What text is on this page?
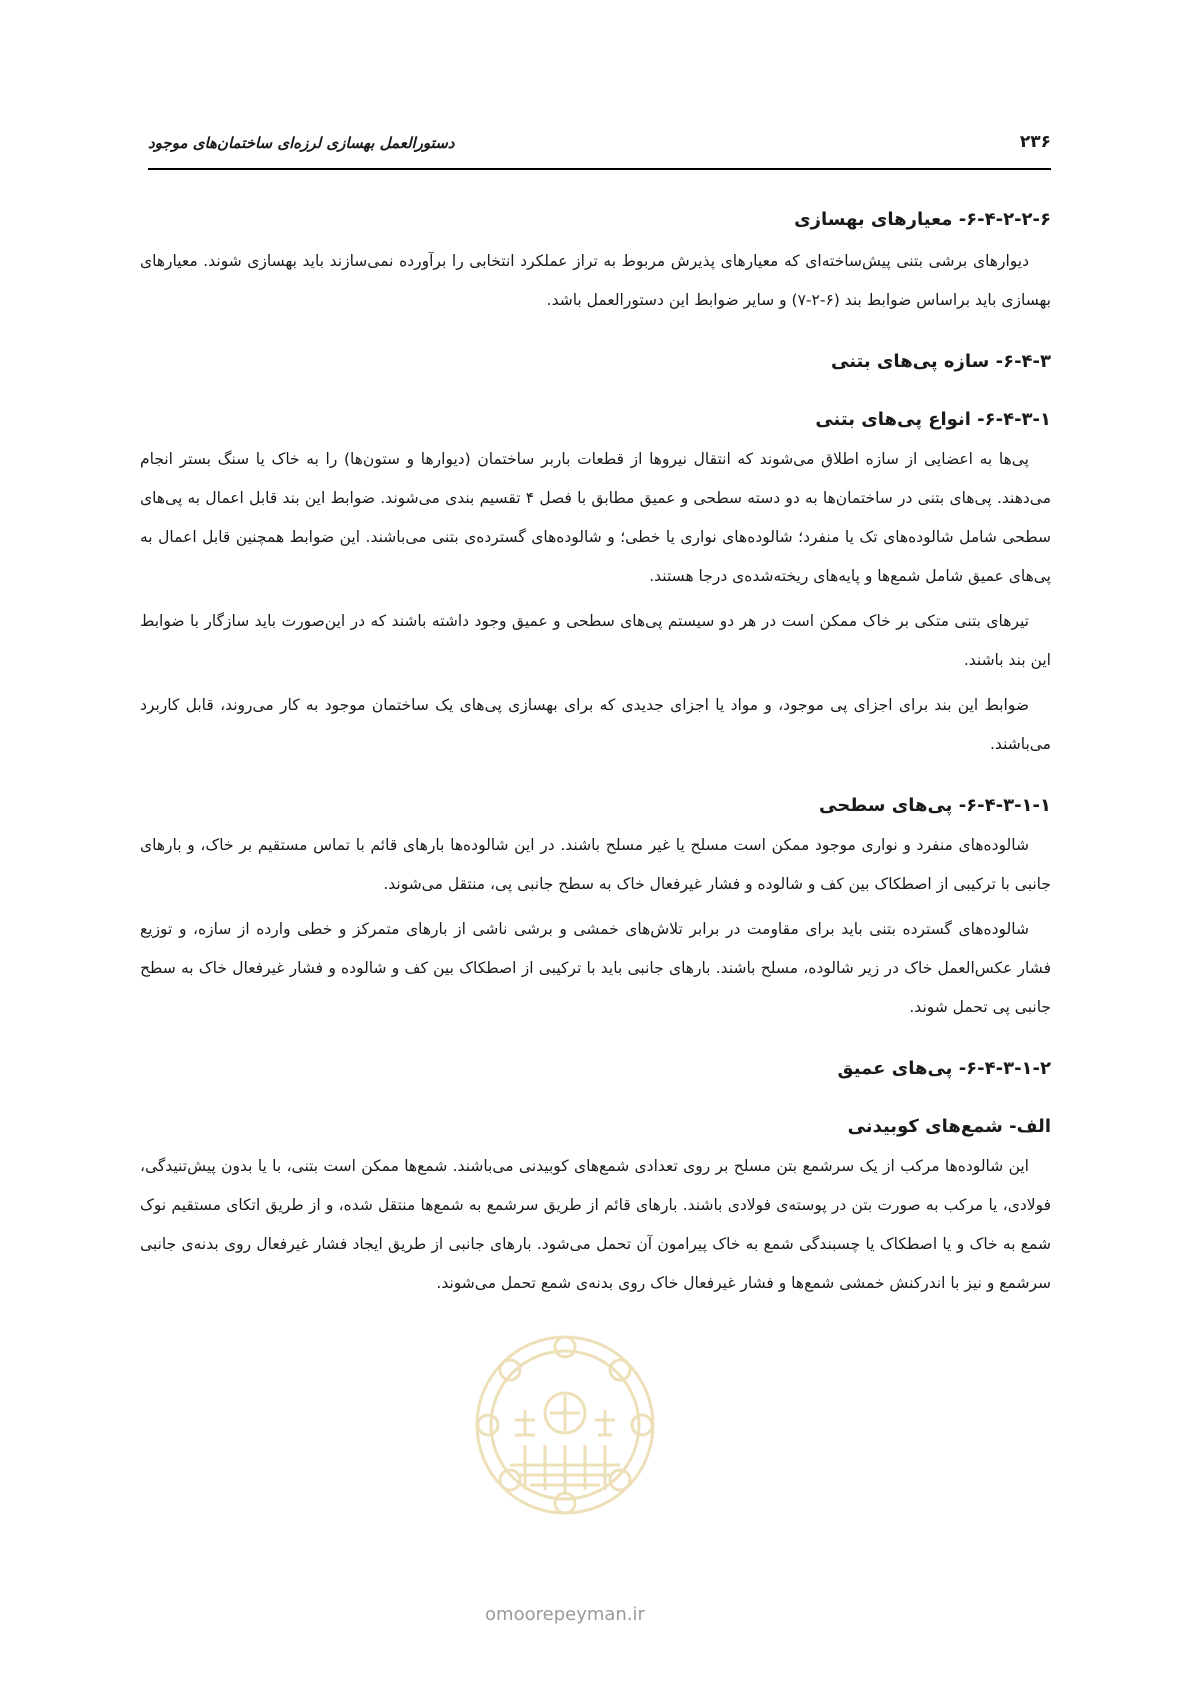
۲۳۶
دستورالعمل بهسازی لرزه‌ای ساختمان‌های موجود
۶-۴-۲-۲-۶- معیارهای بهسازی

دیوارهای برشی بتنی پیش‌ساخته‌ای که معیارهای پذیرش مربوط به تراز عملکرد انتخابی را برآورده نمی‌سازند باید بهسازی شوند. معیارهای بهسازی باید براساس ضوابط بند (۶-۲-۷) و سایر ضوابط این دستورالعمل باشد.

۶-۴-۳- سازه پی‌های بتنی
۶-۴-۳-۱- انواع پی‌های بتنی

پی‌ها به اعضایی از سازه اطلاق می‌شوند که انتقال نیروها از قطعات باربر ساختمان (دیوارها و ستون‌ها) را به خاک یا سنگ بستر انجام می‌دهند. پی‌های بتنی در ساختمان‌ها به دو دسته سطحی و عمیق مطابق با فصل ۴ تقسیم بندی می‌شوند. ضوابط این بند قابل اعمال به پی‌های سطحی شامل شالوده‌های تک یا منفرد؛ شالوده‌های نواری یا خطی؛ و شالوده‌های گسترده‌ی بتنی می‌باشند. این ضوابط همچنین قابل اعمال به پی‌های عمیق شامل شمع‌ها و پایه‌های ریخته‌شده‌ی درجا هستند.

تیرهای بتنی متکی بر خاک ممکن است در هر دو سیستم پی‌های سطحی و عمیق وجود داشته باشند که در این‌صورت باید سازگار با ضوابط این بند باشند.

ضوابط این بند برای اجزای پی موجود، و مواد یا اجزای جدیدی که برای بهسازی پی‌های یک ساختمان موجود به کار می‌روند، قابل کاربرد می‌باشند.

۶-۴-۳-۱-۱- پی‌های سطحی

شالوده‌های منفرد و نواری موجود ممکن است مسلح یا غیر مسلح باشند. در این شالوده‌ها بارهای قائم با تماس مستقیم بر خاک، و بارهای جانبی با ترکیبی از اصطکاک بین کف و شالوده و فشار غیرفعال خاک به سطح جانبی پی، منتقل می‌شوند.

شالوده‌های گسترده بتنی باید برای مقاومت در برابر تلاش‌های خمشی و برشی ناشی از بارهای متمرکز و خطی وارده از سازه، و توزیع فشار عکس‌العمل خاک در زیر شالوده، مسلح باشند. بارهای جانبی باید با ترکیبی از اصطکاک بین کف و شالوده و فشار غیرفعال خاک به سطح جانبی پی تحمل شوند.

۶-۴-۳-۱-۲- پی‌های عمیق
الف- شمع‌های کوبیدنی

این شالوده‌ها مرکب از یک سرشمع بتن مسلح بر روی تعدادی شمع‌های کوبیدنی می‌باشند. شمع‌ها ممکن است بتنی، با یا بدون پیش‌تنیدگی، فولادی، یا مرکب به صورت بتن در پوسته‌ی فولادی باشند. بارهای قائم از طریق سرشمع به شمع‌ها منتقل شده، و از طریق اتکای مستقیم نوک شمع به خاک و یا اصطکاک یا چسبندگی شمع به خاک پیرامون آن تحمل می‌شود. بارهای جانبی از طریق ایجاد فشار غیرفعال روی بدنه‌ی جانبی سرشمع و نیز با اندرکنش خمشی شمع‌ها و فشار غیرفعال خاک روی بدنه‌ی شمع تحمل می‌شوند.

omoorepeyman.ir
